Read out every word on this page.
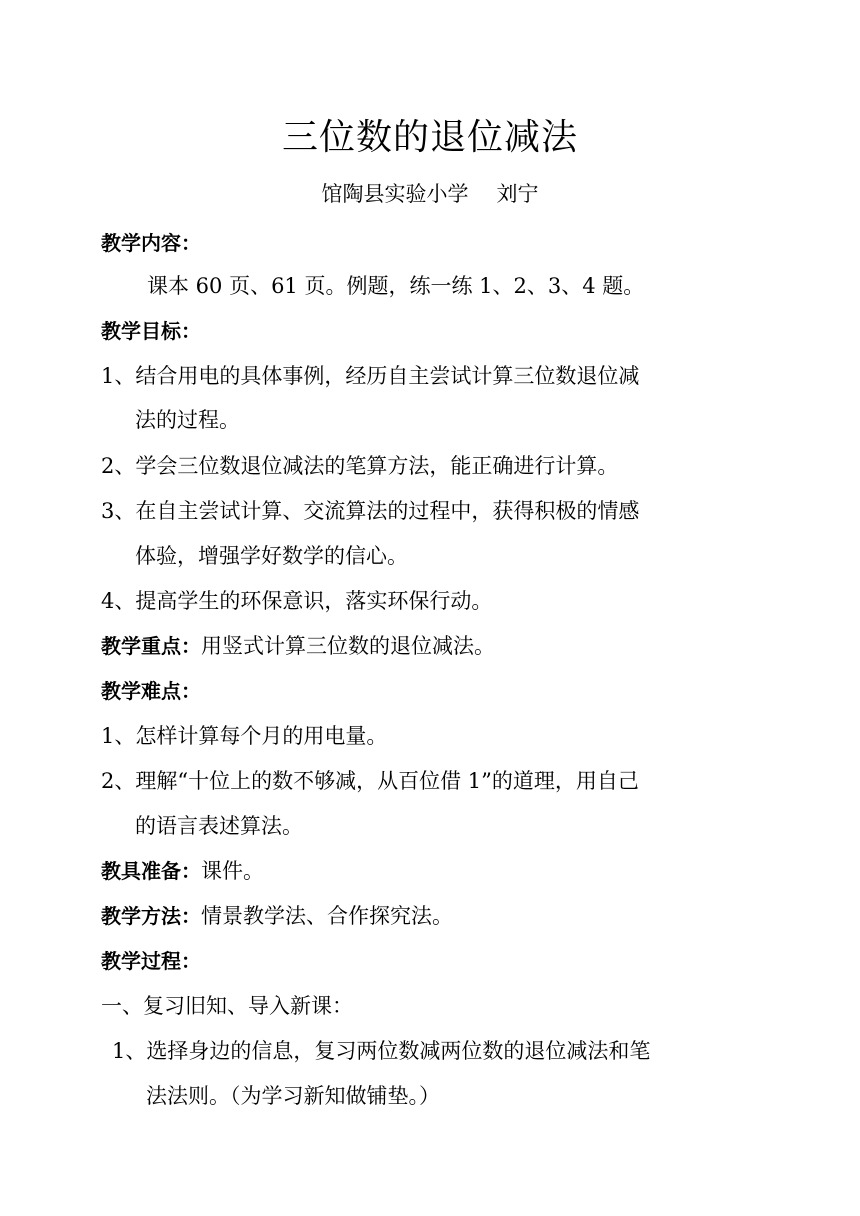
三位数的退位减法
馆陶县实验小学 刘宁
教学内容：
课本 60 页、61 页。例题，练一练 1、2、3、4 题。
教学目标：
1、结合用电的具体事例，经历自主尝试计算三位数退位减
法的过程。
2、学会三位数退位减法的笔算方法，能正确进行计算。
3、在自主尝试计算、交流算法的过程中，获得积极的情感
体验，增强学好数学的信心。
4、提高学生的环保意识，落实环保行动。
教学重点：用竖式计算三位数的退位减法。
教学难点：
1、怎样计算每个月的用电量。
2、理解“十位上的数不够减，从百位借 1”的道理，用自己
的语言表述算法。
教具准备：课件。
教学方法：情景教学法、合作探究法。
教学过程：
一、复习旧知、导入新课：
1、选择身边的信息，复习两位数减两位数的退位减法和笔
法法则。（为学习新知做铺垫。）
